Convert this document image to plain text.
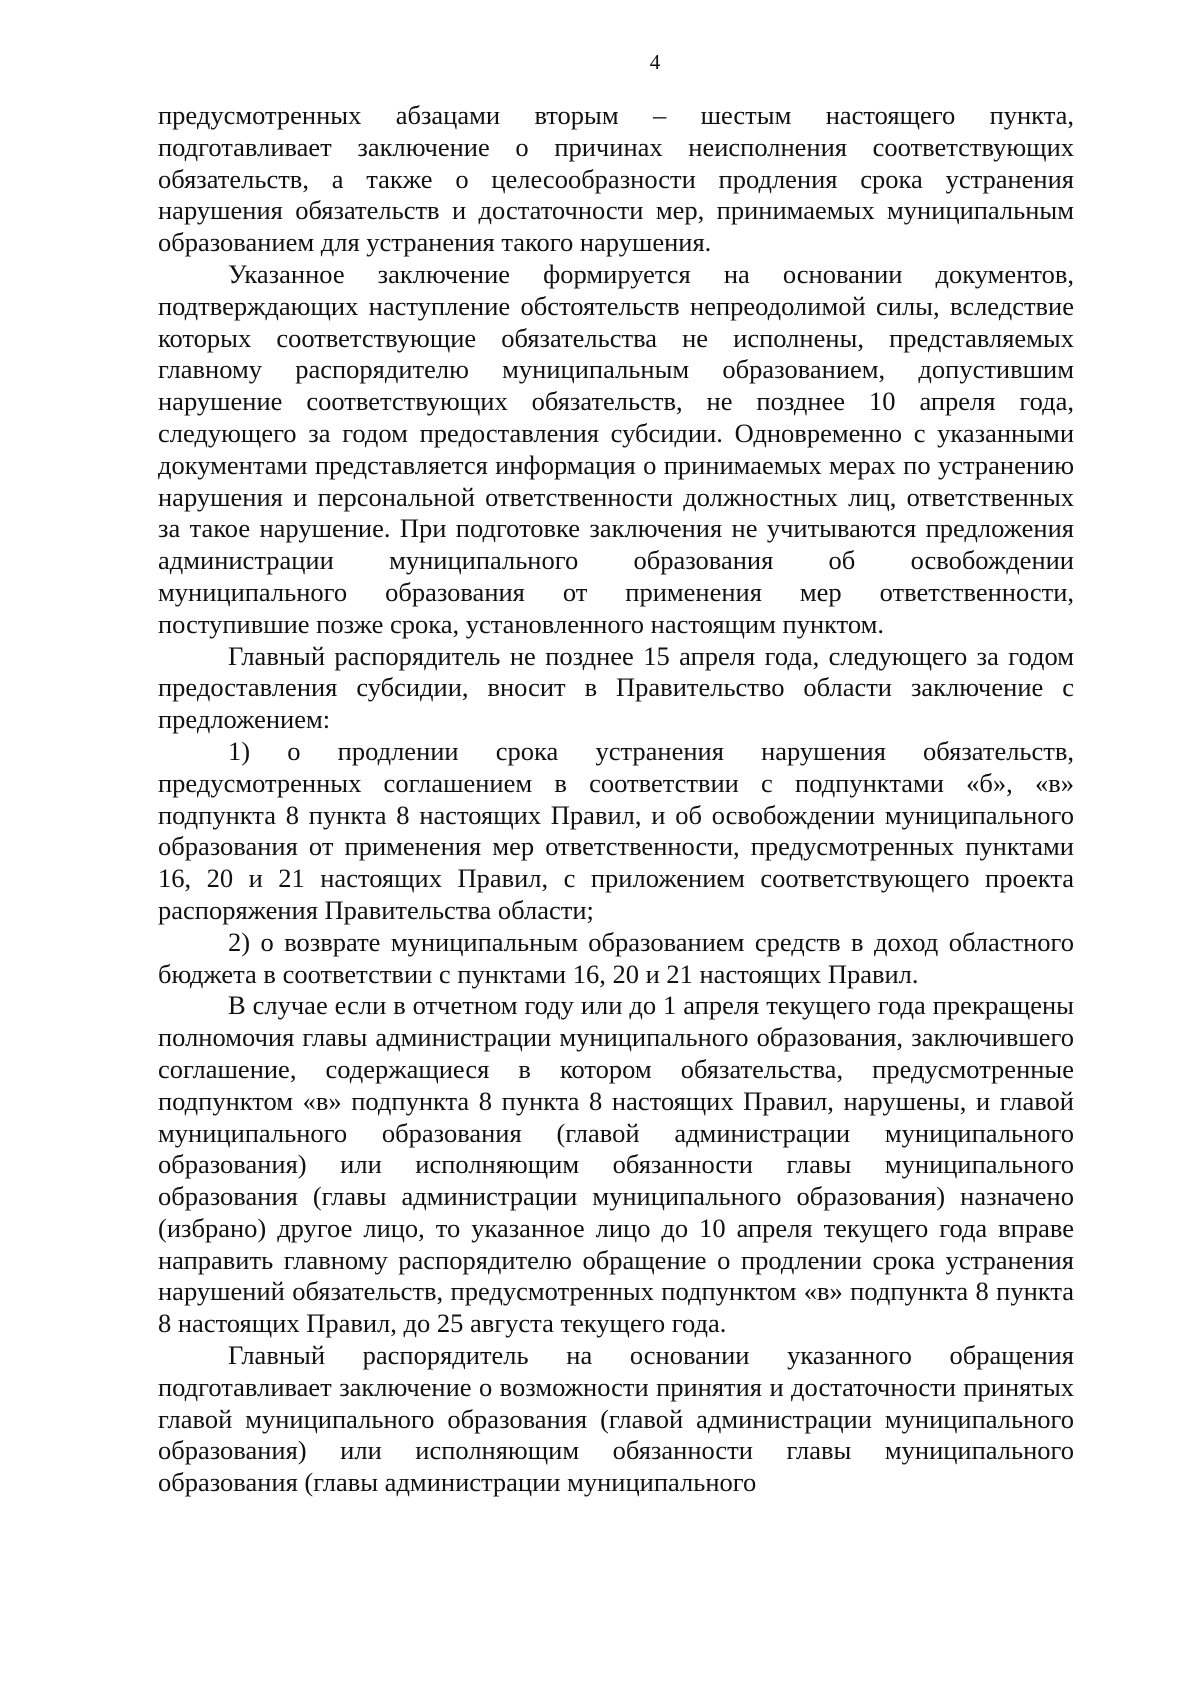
4

предусмотренных абзацами вторым – шестым настоящего пункта, подготавливает заключение о причинах неисполнения соответствующих обязательств, а также о целесообразности продления срока устранения нарушения обязательств и достаточности мер, принимаемых муниципальным образованием для устранения такого нарушения.

Указанное заключение формируется на основании документов, подтверждающих наступление обстоятельств непреодолимой силы, вследствие которых соответствующие обязательства не исполнены, представляемых главному распорядителю муниципальным образованием, допустившим нарушение соответствующих обязательств, не позднее 10 апреля года, следующего за годом предоставления субсидии. Одновременно с указанными документами представляется информация о принимаемых мерах по устранению нарушения и персональной ответственности должностных лиц, ответственных за такое нарушение. При подготовке заключения не учитываются предложения администрации муниципального образования об освобождении муниципального образования от применения мер ответственности, поступившие позже срока, установленного настоящим пунктом.

Главный распорядитель не позднее 15 апреля года, следующего за годом предоставления субсидии, вносит в Правительство области заключение с предложением:

1) о продлении срока устранения нарушения обязательств, предусмотренных соглашением в соответствии с подпунктами «б», «в» подпункта 8 пункта 8 настоящих Правил, и об освобождении муниципального образования от применения мер ответственности, предусмотренных пунктами 16, 20 и 21 настоящих Правил, с приложением соответствующего проекта распоряжения Правительства области;

2) о возврате муниципальным образованием средств в доход областного бюджета в соответствии с пунктами 16, 20 и 21 настоящих Правил.

В случае если в отчетном году или до 1 апреля текущего года прекращены полномочия главы администрации муниципального образования, заключившего соглашение, содержащиеся в котором обязательства, предусмотренные подпунктом «в» подпункта 8 пункта 8 настоящих Правил, нарушены, и главой муниципального образования (главой администрации муниципального образования) или исполняющим обязанности главы муниципального образования (главы администрации муниципального образования) назначено (избрано) другое лицо, то указанное лицо до 10 апреля текущего года вправе направить главному распорядителю обращение о продлении срока устранения нарушений обязательств, предусмотренных подпунктом «в» подпункта 8 пункта 8 настоящих Правил, до 25 августа текущего года.

Главный распорядитель на основании указанного обращения подготавливает заключение о возможности принятия и достаточности принятых главой муниципального образования (главой администрации муниципального образования) или исполняющим обязанности главы муниципального образования (главы администрации муниципального
